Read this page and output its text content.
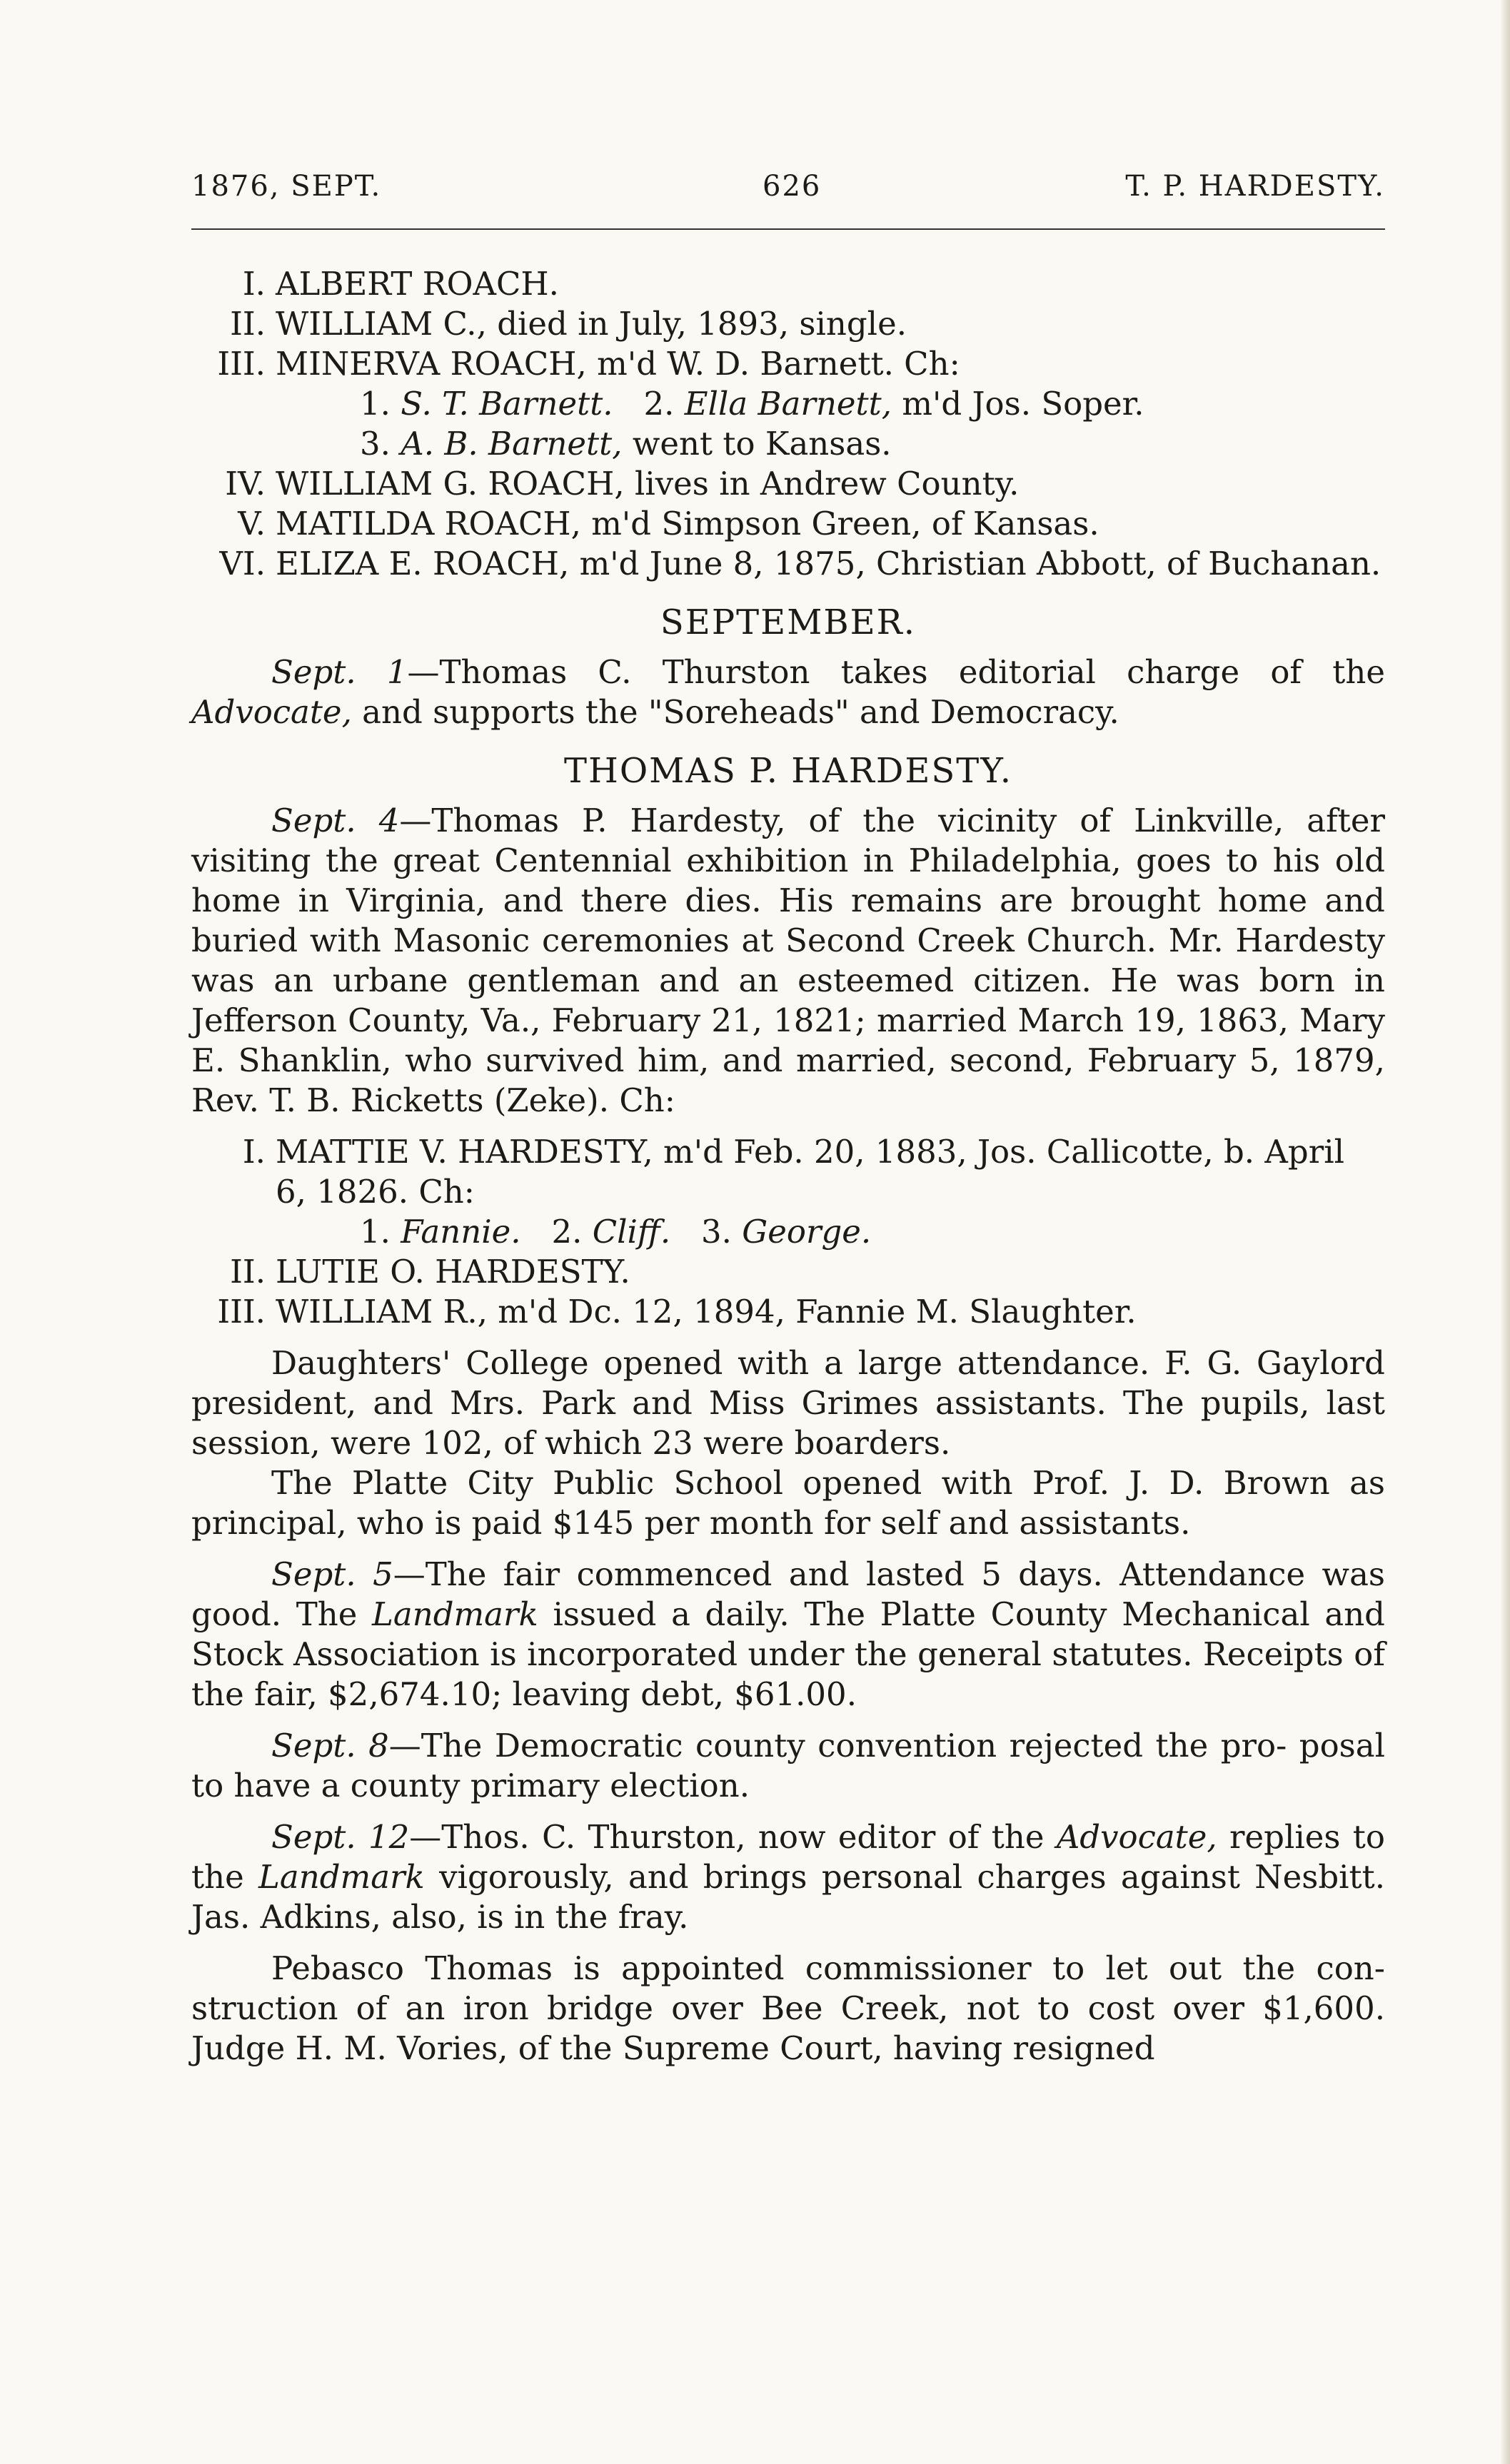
1876, SEPT.	626	T. P. HARDESTY.
I. ALBERT ROACH.
II. WILLIAM C., died in July, 1893, single.
III. MINERVA ROACH, m'd W. D. Barnett. Ch:
1. S. T. Barnett. 2. Ella Barnett, m'd Jos. Soper.
3. A. B. Barnett, went to Kansas.
IV. WILLIAM G. ROACH, lives in Andrew County.
V. MATILDA ROACH, m'd Simpson Green, of Kansas.
VI. ELIZA E. ROACH, m'd June 8, 1875, Christian Abbott, of Buchanan.
SEPTEMBER.

Sept. 1—Thomas C. Thurston takes editorial charge of the Advocate, and supports the "Soreheads" and Democracy.

THOMAS P. HARDESTY.

Sept. 4—Thomas P. Hardesty, of the vicinity of Linkville, after visiting the great Centennial exhibition in Philadelphia, goes to his old home in Virginia, and there dies. His remains are brought home and buried with Masonic ceremonies at Second Creek Church. Mr. Hardesty was an urbane gentleman and an esteemed citizen. He was born in Jefferson County, Va., February 21, 1821; married March 19, 1863, Mary E. Shanklin, who survived him, and married, second, February 5, 1879, Rev. T. B. Ricketts (Zeke). Ch:

I. MATTIE V. HARDESTY, m'd Feb. 20, 1883, Jos. Callicotte, b. April 6, 1826. Ch:
1. Fannie. 2. Cliff. 3. George.
II. LUTIE O. HARDESTY.
III. WILLIAM R., m'd Dc. 12, 1894, Fannie M. Slaughter.

Daughters' College opened with a large attendance. F. G. Gaylord president, and Mrs. Park and Miss Grimes assistants. The pupils, last session, were 102, of which 23 were boarders.

The Platte City Public School opened with Prof. J. D. Brown as principal, who is paid $145 per month for self and assistants.

Sept. 5—The fair commenced and lasted 5 days. Attendance was good. The Landmark issued a daily. The Platte County Mechanical and Stock Association is incorporated under the general statutes. Receipts of the fair, $2,674.10; leaving debt, $61.00.

Sept. 8—The Democratic county convention rejected the pro- posal to have a county primary election.

Sept. 12—Thos. C. Thurston, now editor of the Advocate, replies to the Landmark vigorously, and brings personal charges against Nesbitt. Jas. Adkins, also, is in the fray.

Pebasco Thomas is appointed commissioner to let out the con- struction of an iron bridge over Bee Creek, not to cost over $1,600. Judge H. M. Vories, of the Supreme Court, having resigned
